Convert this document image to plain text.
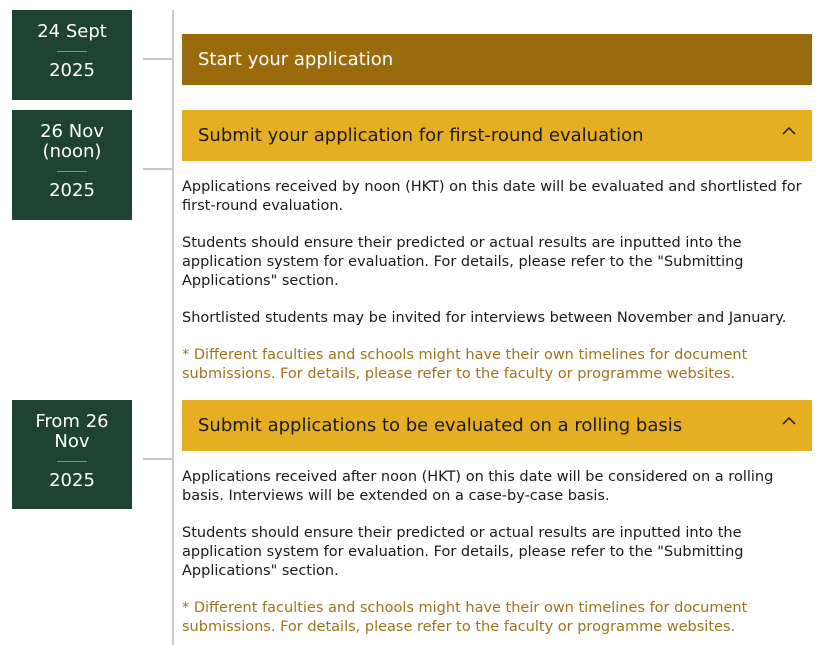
24 Sept
2025
Start your application
26 Nov
(noon)
2025
Submit your application for first-round evaluation

Applications received by noon (HKT) on this date will be evaluated and shortlisted for first-round evaluation.

Students should ensure their predicted or actual results are inputted into the application system for evaluation. For details, please refer to the "Submitting Applications" section.

Shortlisted students may be invited for interviews between November and January.

* Different faculties and schools might have their own timelines for document submissions. For details, please refer to the faculty or programme websites.

From 26
Nov
2025
Submit applications to be evaluated on a rolling basis

Applications received after noon (HKT) on this date will be considered on a rolling basis. Interviews will be extended on a case-by-case basis.

Students should ensure their predicted or actual results are inputted into the application system for evaluation. For details, please refer to the "Submitting Applications" section.

* Different faculties and schools might have their own timelines for document submissions. For details, please refer to the faculty or programme websites.
